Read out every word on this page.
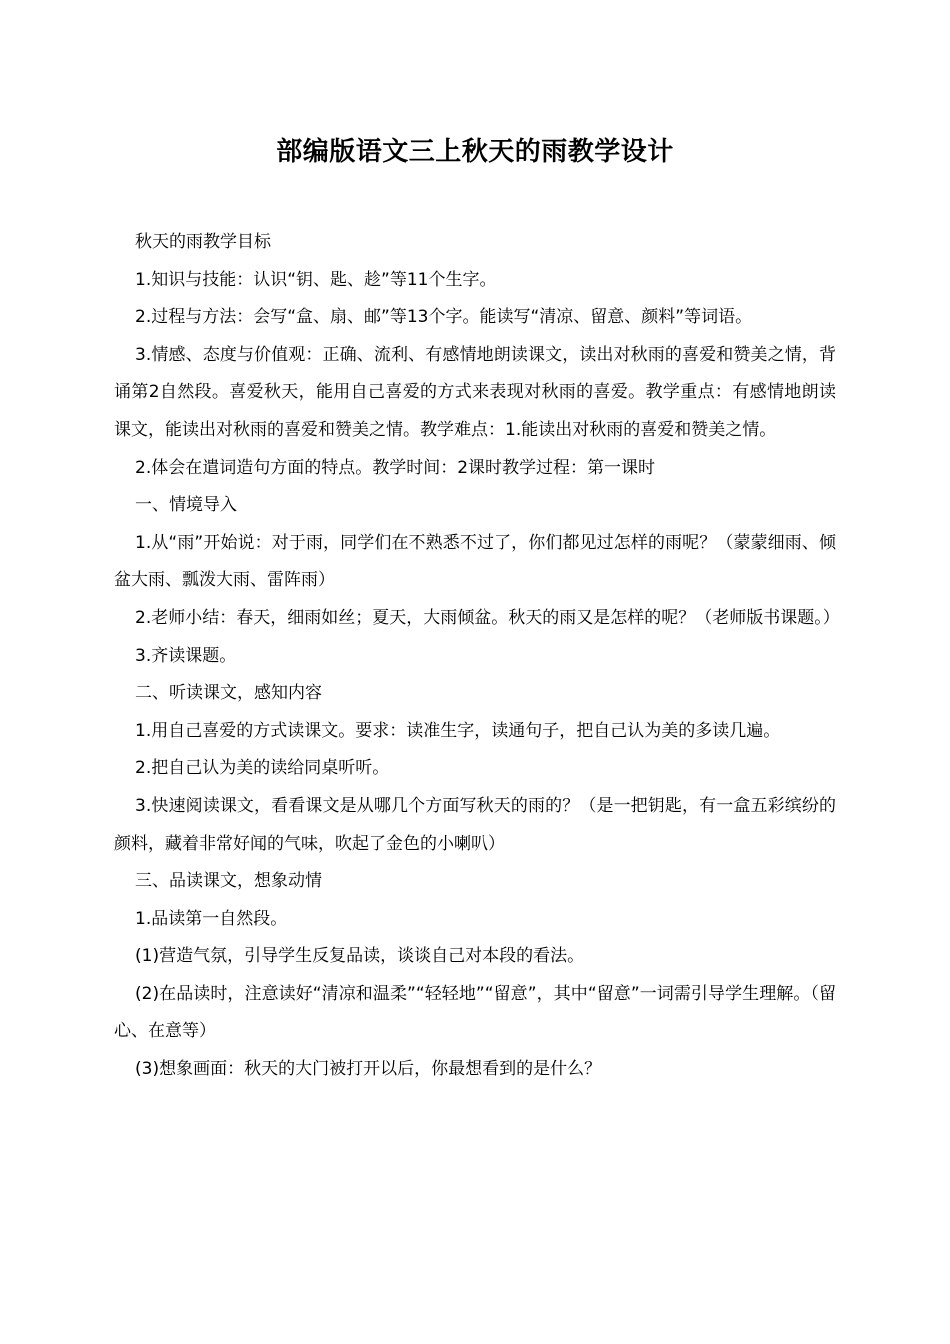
部编版语文三上秋天的雨教学设计

秋天的雨教学目标

1.知识与技能：认识“钥、匙、趁”等11个生字。

2.过程与方法：会写“盒、扇、邮”等13个字。能读写“清凉、留意、颜料”等词语。

3.情感、态度与价值观：正确、流利、有感情地朗读课文，读出对秋雨的喜爱和赞美之情，背诵第2自然段。喜爱秋天，能用自己喜爱的方式来表现对秋雨的喜爱。教学重点：有感情地朗读课文，能读出对秋雨的喜爱和赞美之情。教学难点：1.能读出对秋雨的喜爱和赞美之情。

2.体会在遣词造句方面的特点。教学时间：2课时教学过程：第一课时

一、情境导入

1.从“雨”开始说：对于雨，同学们在不熟悉不过了，你们都见过怎样的雨呢？（蒙蒙细雨、倾盆大雨、瓢泼大雨、雷阵雨）

2.老师小结：春天，细雨如丝；夏天，大雨倾盆。秋天的雨又是怎样的呢？（老师版书课题。）

3.齐读课题。

二、听读课文，感知内容

1.用自己喜爱的方式读课文。要求：读准生字，读通句子，把自己认为美的多读几遍。

2.把自己认为美的读给同桌听听。

3.快速阅读课文，看看课文是从哪几个方面写秋天的雨的？（是一把钥匙，有一盒五彩缤纷的颜料，藏着非常好闻的气味，吹起了金色的小喇叭）

三、品读课文，想象动情

1.品读第一自然段。

(1)营造气氛，引导学生反复品读，谈谈自己对本段的看法。

(2)在品读时，注意读好“清凉和温柔”“轻轻地”“留意”，其中“留意”一词需引导学生理解。（留心、在意等）

(3)想象画面：秋天的大门被打开以后，你最想看到的是什么？
